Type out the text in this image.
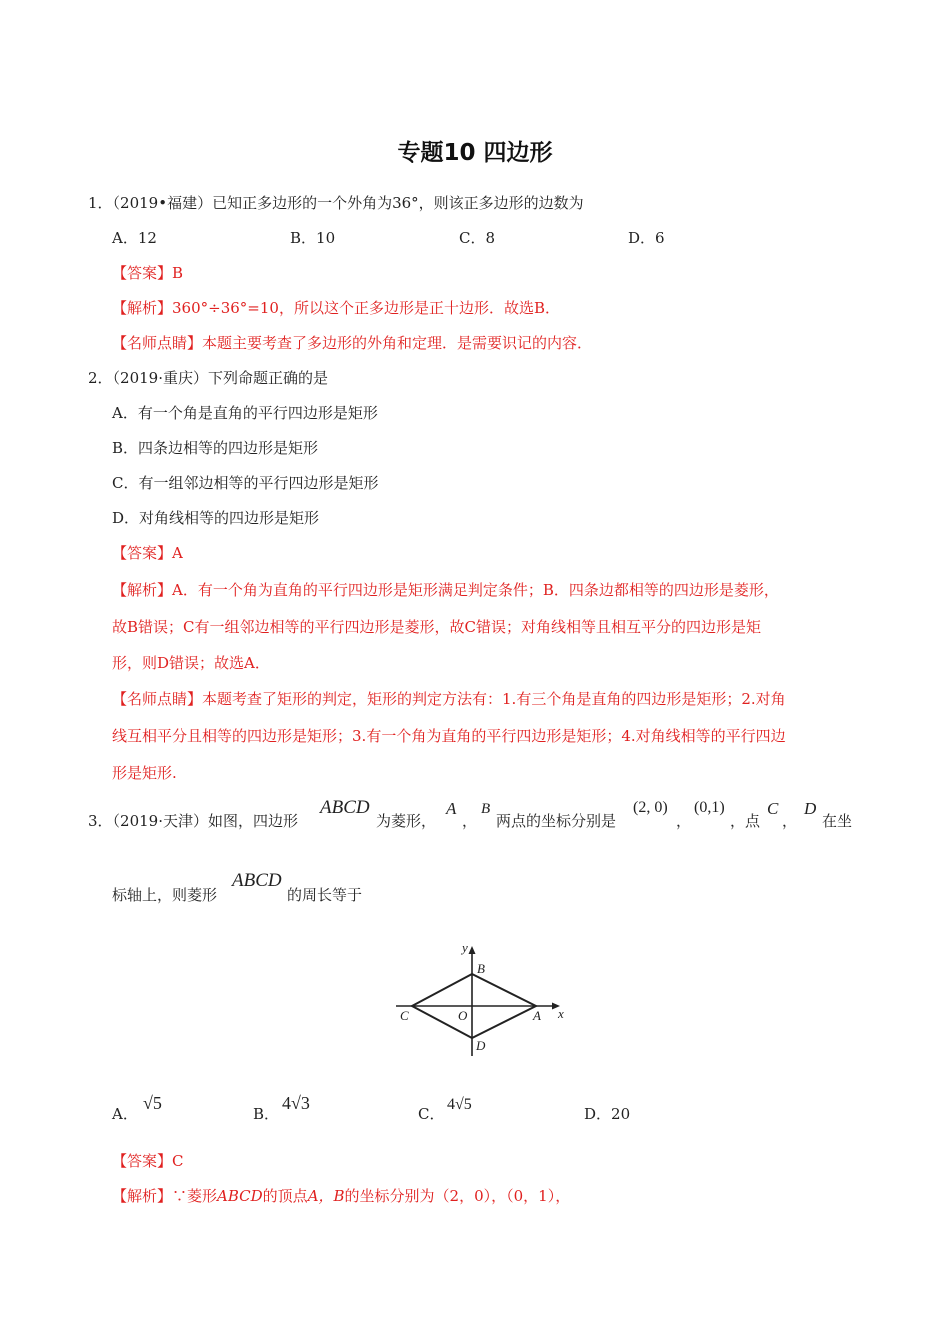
专题10 四边形
1．（2019•福建）已知正多边形的一个外角为36°，则该正多边形的边数为
A．12	B．10	C．8	D．6
【答案】B
【解析】360°÷36°=10，所以这个正多边形是正十边形．故选B．
【名师点睛】本题主要考查了多边形的外角和定理．是需要识记的内容．
2．（2019·重庆）下列命题正确的是
A．有一个角是直角的平行四边形是矩形
B．四条边相等的四边形是矩形
C．有一组邻边相等的平行四边形是矩形
D．对角线相等的四边形是矩形
【答案】A
【解析】A．有一个角为直角的平行四边形是矩形满足判定条件；B．四条边都相等的四边形是菱形，
故B错误；C有一组邻边相等的平行四边形是菱形，故C错误；对角线相等且相互平分的四边形是矩
形，则D错误；故选A．
【名师点睛】本题考查了矩形的判定，矩形的判定方法有：1.有三个角是直角的四边形是矩形；2.对角
线互相平分且相等的四边形是矩形；3.有一个角为直角的平行四边形是矩形；4.对角线相等的平行四边
形是矩形.
3．（2019·天津）如图，四边形
ABCD
为菱形，
A
，
B
两点的坐标分别是
(2, 0)
，
(0,1)
，点
C
，
D
在坐
标轴上，则菱形
ABCD
的周长等于
y
x
B
C	O	A
D
A．
√5
B．
4√3
C．
4√5
D．20
【答案】C
【解析】∵菱形ABCD的顶点A，B的坐标分别为（2，0），（0，1），
